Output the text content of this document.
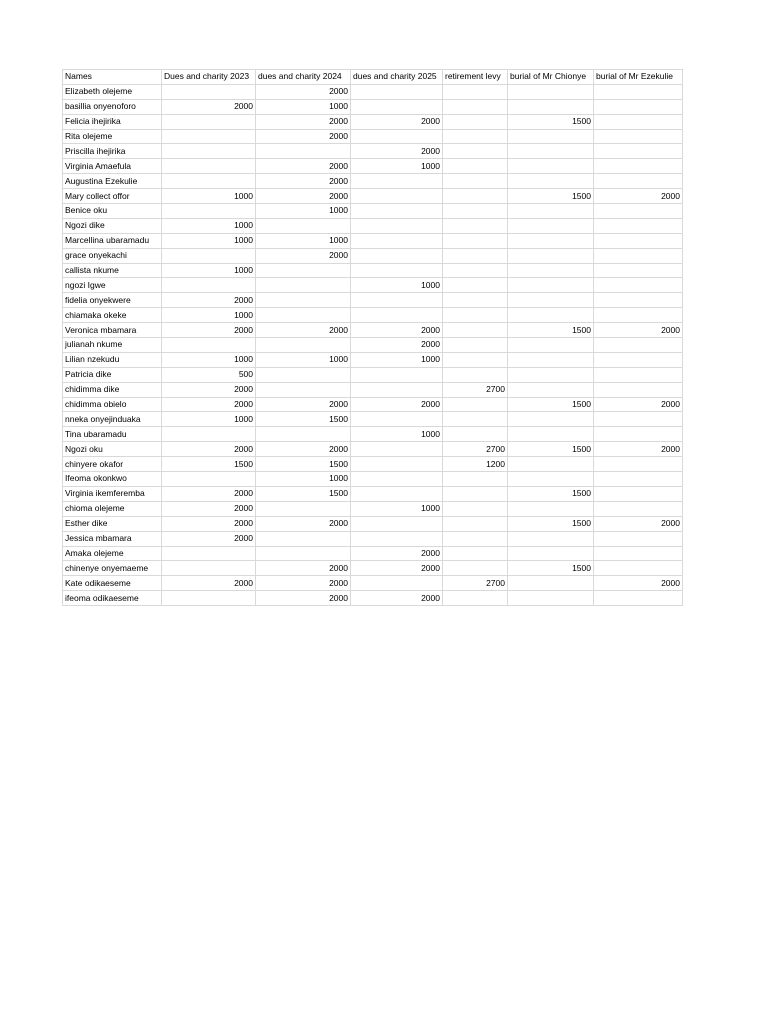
Names	Dues and charity 2023	dues and charity 2024	dues and charity 2025	retirement levy	burial of Mr Chionye	burial of Mr Ezekulie
Elizabeth olejeme		2000				
basillia onyenoforo	2000	1000				
Felicia ihejirika		2000	2000		1500	
Rita olejeme		2000				
Priscilla ihejirika			2000			
Virginia Amaefula		2000	1000			
Augustina Ezekulie		2000				
Mary collect offor	1000	2000			1500	2000
Benice oku		1000				
Ngozi dike	1000					
Marcellina ubaramadu	1000	1000				
grace onyekachi		2000				
callista nkume	1000					
ngozi Igwe			1000			
fidelia onyekwere	2000					
chiamaka okeke	1000					
Veronica mbamara	2000	2000	2000		1500	2000
julianah nkume			2000			
Lilian nzekudu	1000	1000	1000			
Patricia dike	500					
chidimma dike	2000			2700		
chidimma obielo	2000	2000	2000		1500	2000
nneka onyejinduaka	1000	1500				
Tina ubaramadu			1000			
Ngozi oku	2000	2000		2700	1500	2000
chinyere okafor	1500	1500		1200		
Ifeoma okonkwo		1000				
Virginia ikemferemba	2000	1500			1500	
chioma olejeme	2000		1000			
Esther dike	2000	2000			1500	2000
Jessica mbamara	2000					
Amaka olejeme			2000			
chinenye onyemaeme		2000	2000		1500	
Kate odikaeseme	2000	2000		2700		2000
ifeoma odikaeseme		2000	2000			
